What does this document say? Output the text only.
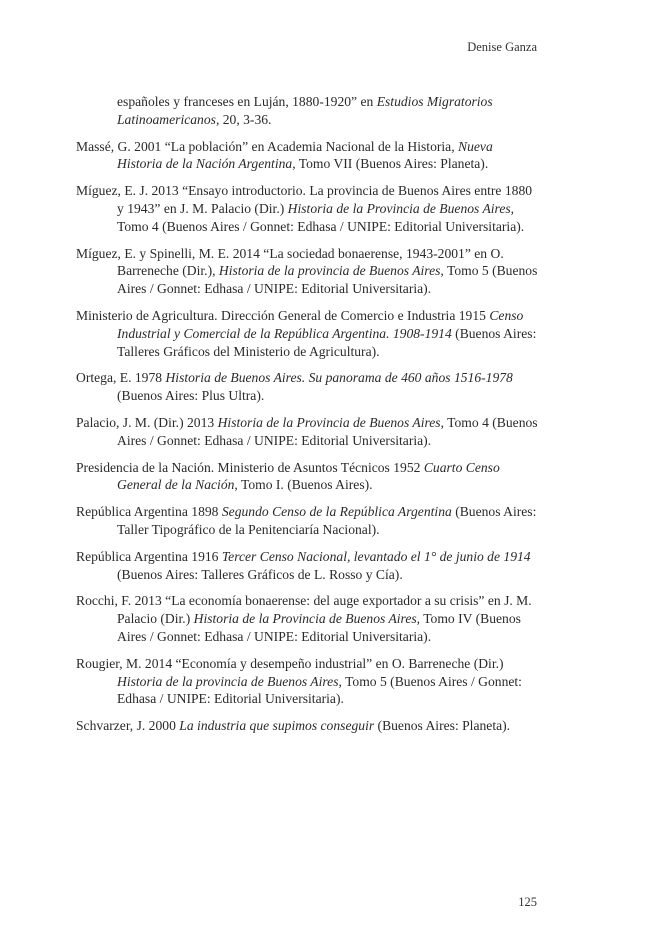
Denise Ganza
españoles y franceses en Luján, 1880-1920” en Estudios Migratorios Latinoamericanos, 20, 3-36.
Massé, G. 2001 “La población” en Academia Nacional de la Historia, Nueva Historia de la Nación Argentina, Tomo VII (Buenos Aires: Planeta).
Míguez, E. J. 2013 “Ensayo introductorio. La provincia de Buenos Aires entre 1880 y 1943” en J. M. Palacio (Dir.) Historia de la Provincia de Buenos Aires, Tomo 4 (Buenos Aires / Gonnet: Edhasa / UNIPE: Editorial Universitaria).
Míguez, E. y Spinelli, M. E. 2014 “La sociedad bonaerense, 1943-2001” en O. Barreneche (Dir.), Historia de la provincia de Buenos Aires, Tomo 5 (Buenos Aires / Gonnet: Edhasa / UNIPE: Editorial Universitaria).
Ministerio de Agricultura. Dirección General de Comercio e Industria 1915 Censo Industrial y Comercial de la República Argentina. 1908-1914 (Buenos Aires: Talleres Gráficos del Ministerio de Agricultura).
Ortega, E. 1978 Historia de Buenos Aires. Su panorama de 460 años 1516-1978 (Buenos Aires: Plus Ultra).
Palacio, J. M. (Dir.) 2013 Historia de la Provincia de Buenos Aires, Tomo 4 (Buenos Aires / Gonnet: Edhasa / UNIPE: Editorial Universitaria).
Presidencia de la Nación. Ministerio de Asuntos Técnicos 1952 Cuarto Censo General de la Nación, Tomo I. (Buenos Aires).
República Argentina 1898 Segundo Censo de la República Argentina (Buenos Aires: Taller Tipográfico de la Penitenciaría Nacional).
República Argentina 1916 Tercer Censo Nacional, levantado el 1° de junio de 1914 (Buenos Aires: Talleres Gráficos de L. Rosso y Cía).
Rocchi, F. 2013 “La economía bonaerense: del auge exportador a su crisis” en J. M. Palacio (Dir.) Historia de la Provincia de Buenos Aires, Tomo IV (Buenos Aires / Gonnet: Edhasa / UNIPE: Editorial Universitaria).
Rougier, M. 2014 “Economía y desempeño industrial” en O. Barreneche (Dir.) Historia de la provincia de Buenos Aires, Tomo 5 (Buenos Aires / Gonnet: Edhasa / UNIPE: Editorial Universitaria).
Schvarzer, J. 2000 La industria que supimos conseguir (Buenos Aires: Planeta).
125
